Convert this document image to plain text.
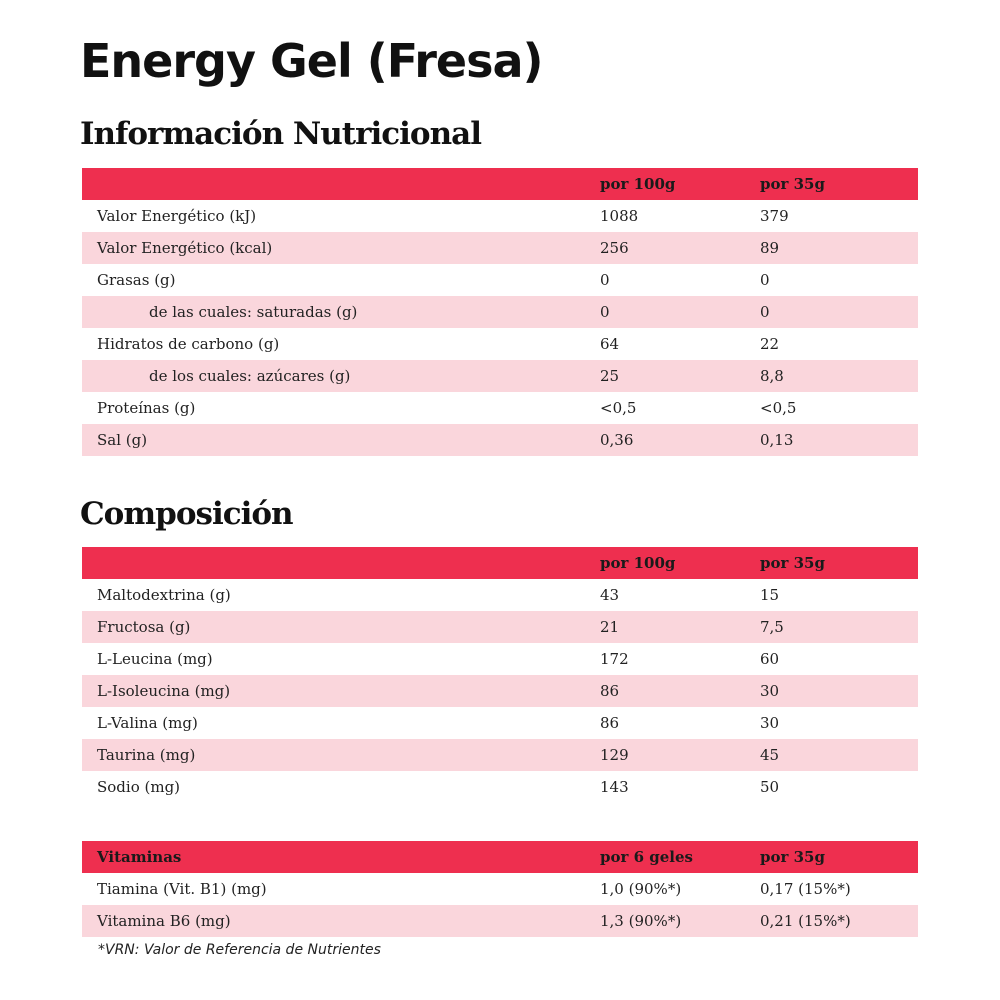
Energy Gel (Fresa)
Información Nutricional
por 100g	por 35g
Valor Energético (kJ)	1088	379
Valor Energético (kcal)	256	89
Grasas (g)	0	0
de las cuales: saturadas (g)	0	0
Hidratos de carbono (g)	64	22
de los cuales: azúcares (g)	25	8,8
Proteínas (g)	<0,5	<0,5
Sal (g)	0,36	0,13
Composición
por 100g	por 35g
Maltodextrina (g)	43	15
Fructosa (g)	21	7,5
L-Leucina (mg)	172	60
L-Isoleucina (mg)	86	30
L-Valina (mg)	86	30
Taurina (mg)	129	45
Sodio (mg)	143	50
Vitaminas	por 6 geles	por 35g
Tiamina (Vit. B1) (mg)	1,0 (90%*)	0,17 (15%*)
Vitamina B6 (mg)	1,3 (90%*)	0,21 (15%*)

*VRN: Valor de Referencia de Nutrientes
